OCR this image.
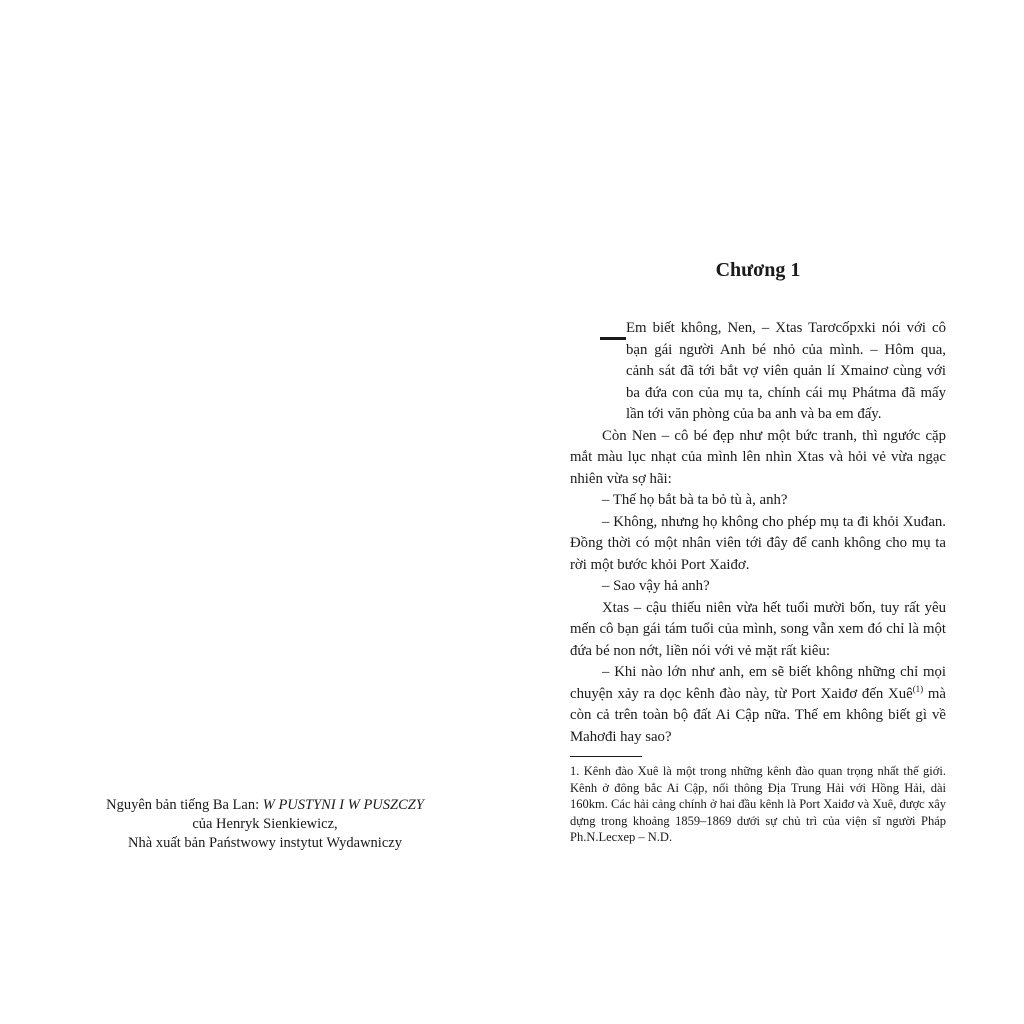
Nguyên bản tiếng Ba Lan: W PUSTYNI I W PUSZCZY
của Henryk Sienkiewicz,
Nhà xuất bản Państwowy instytut Wydawniczy
Chương 1

Em biết không, Nen, – Xtas Tarơcốpxki nói với cô bạn gái người Anh bé nhỏ của mình. – Hôm qua, cảnh sát đã tới bắt vợ viên quản lí Xmainơ cùng với ba đứa con của mụ ta, chính cái mụ Phátma đã mấy lần tới văn phòng của ba anh và ba em đấy.

Còn Nen – cô bé đẹp như một bức tranh, thì ngước cặp mắt màu lục nhạt của mình lên nhìn Xtas và hỏi vẻ vừa ngạc nhiên vừa sợ hãi:

– Thế họ bắt bà ta bỏ tù à, anh?

– Không, nhưng họ không cho phép mụ ta đi khỏi Xuđan. Đồng thời có một nhân viên tới đây để canh không cho mụ ta rời một bước khỏi Port Xaiđơ.

– Sao vậy hả anh?

Xtas – cậu thiếu niên vừa hết tuổi mười bốn, tuy rất yêu mến cô bạn gái tám tuổi của mình, song vẫn xem đó chỉ là một đứa bé non nớt, liền nói với vẻ mặt rất kiêu:

– Khi nào lớn như anh, em sẽ biết không những chỉ mọi chuyện xảy ra dọc kênh đào này, từ Port Xaiđơ đến Xuê$^{(1)}$ mà còn cả trên toàn bộ đất Ai Cập nữa. Thế em không biết gì về Mahơđi hay sao?

1. Kênh đào Xuê là một trong những kênh đào quan trọng nhất thế giới. Kênh ở đông bắc Ai Cập, nối thông Địa Trung Hải với Hồng Hải, dài 160km. Các hải cảng chính ở hai đầu kênh là Port Xaiđơ và Xuê, được xây dựng trong khoảng 1859–1869 dưới sự chủ trì của viện sĩ người Pháp Ph.N.Lecxep – N.D.
